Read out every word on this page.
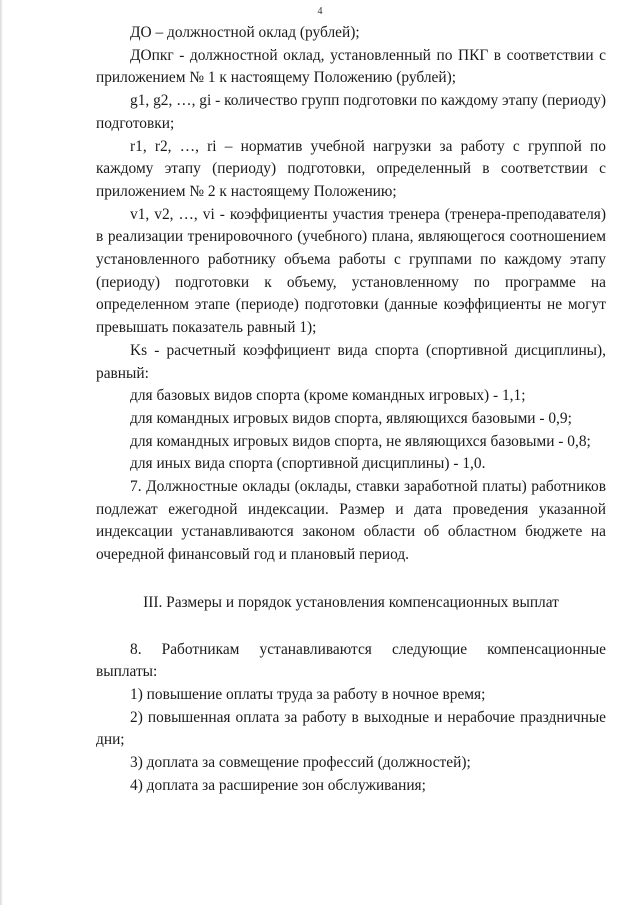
4

ДО – должностной оклад (рублей);

ДОпкг - должностной оклад, установленный по ПКГ в соответствии с приложением № 1 к настоящему Положению (рублей);

g1, g2, …, gi - количество групп подготовки по каждому этапу (периоду) подготовки;

r1, r2, …, ri – норматив учебной нагрузки за работу с группой по каждому этапу (периоду) подготовки, определенный в соответствии с приложением № 2 к настоящему Положению;

v1, v2, …, vi - коэффициенты участия тренера (тренера-преподавателя) в реализации тренировочного (учебного) плана, являющегося соотношением установленного работнику объема работы с группами по каждому этапу (периоду) подготовки к объему, установленному по программе на определенном этапе (периоде) подготовки (данные коэффициенты не могут превышать показатель равный 1);

Ks - расчетный коэффициент вида спорта (спортивной дисциплины), равный:

для базовых видов спорта (кроме командных игровых) - 1,1;

для командных игровых видов спорта, являющихся базовыми - 0,9;

для командных игровых видов спорта, не являющихся базовыми - 0,8;

для иных вида спорта (спортивной дисциплины) - 1,0.

7. Должностные оклады (оклады, ставки заработной платы) работников подлежат ежегодной индексации. Размер и дата проведения указанной индексации устанавливаются законом области об областном бюджете на очередной финансовый год и плановый период.

III. Размеры и порядок установления компенсационных выплат

8. Работникам устанавливаются следующие компенсационные выплаты:

1) повышение оплаты труда за работу в ночное время;

2) повышенная оплата за работу в выходные и нерабочие праздничные дни;

3) доплата за совмещение профессий (должностей);

4) доплата за расширение зон обслуживания;
